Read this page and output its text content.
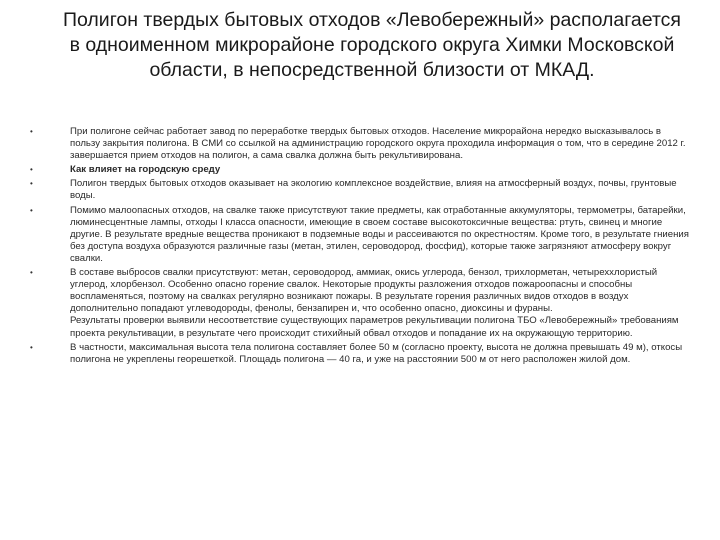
Полигон твердых бытовых отходов «Левобережный» располагается в одноименном микрорайоне городского округа Химки Московской области, в непосредственной близости от МКАД.
•	При полигоне сейчас работает завод по переработке твердых бытовых отходов. Население микрорайона нередко высказывалось в пользу закрытия полигона. В СМИ со ссылкой на администрацию городского округа проходила информация о том, что в середине 2012 г. завершается прием отходов на полигон, а сама свалка должна быть рекультивирована.
•	Как влияет на городскую среду
•	Полигон твердых бытовых отходов оказывает на экологию комплексное воздействие, влияя на атмосферный воздух, почвы, грунтовые воды.
•	Помимо малоопасных отходов, на свалке также присутствуют такие предметы, как отработанные аккумуляторы, термометры, батарейки, люминесцентные лампы, отходы I класса опасности, имеющие в своем составе высокотоксичные вещества: ртуть, свинец и многие другие. В результате вредные вещества проникают в подземные воды и рассеиваются по окрестностям. Кроме того, в результате гниения без доступа воздуха образуются различные газы (метан, этилен, сероводород, фосфид), которые также загрязняют атмосферу вокруг свалки.
•	В составе выбросов свалки присутствуют: метан, сероводород, аммиак, окись углерода, бензол, трихлорметан, четыреххлористый углерод, хлорбензол. Особенно опасно горение свалок. Некоторые продукты разложения отходов пожароопасны и способны воспламеняться, поэтому на свалках регулярно возникают пожары. В результате горения различных видов отходов в воздух дополнительно попадают углеводороды, фенолы, бензапирен и, что особенно опасно, диоксины и фураны.
Результаты проверки выявили несоответствие существующих параметров рекультивации полигона ТБО «Левобережный» требованиям проекта рекультивации, в результате чего происходит стихийный обвал отходов и попадание их на окружающую территорию.
•	В частности, максимальная высота тела полигона составляет более 50 м (согласно проекту, высота не должна превышать 49 м), откосы полигона не укреплены георешеткой. Площадь полигона — 40 га, и уже на расстоянии 500 м от него расположен жилой дом.
